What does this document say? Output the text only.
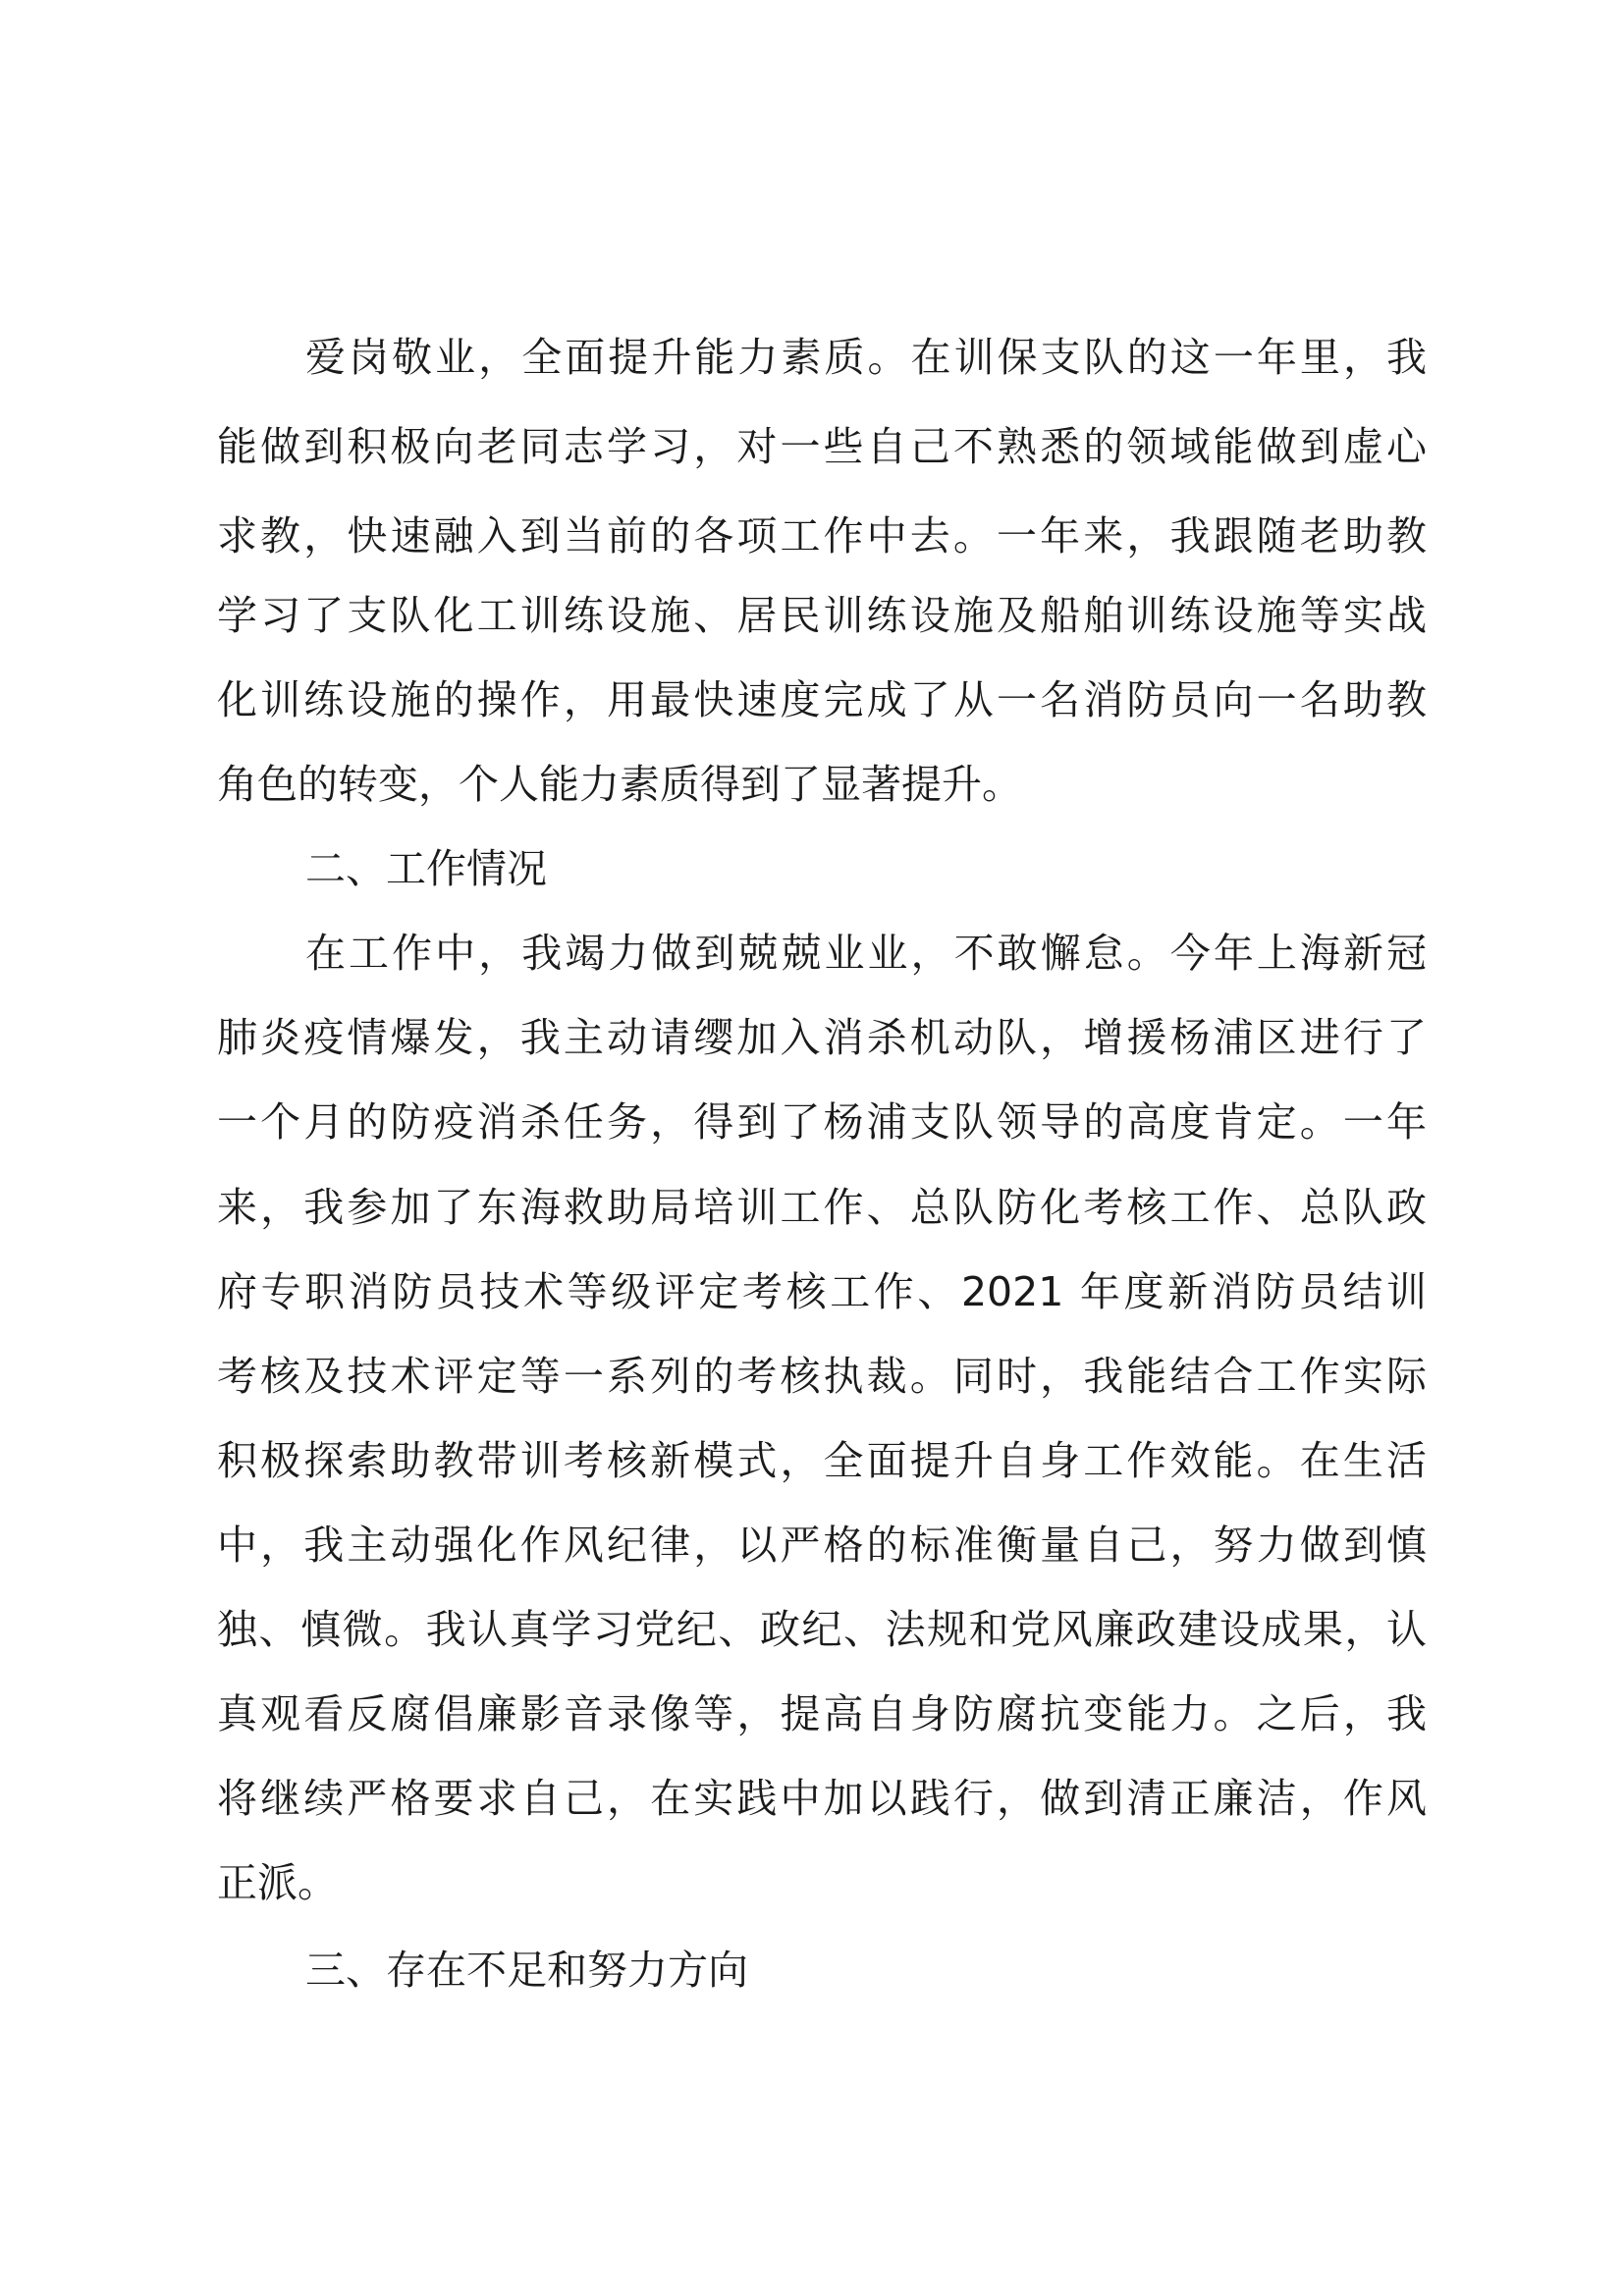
爱岗敬业，全面提升能力素质。在训保支队的这一年里，我
能做到积极向老同志学习，对一些自己不熟悉的领域能做到虚心
求教，快速融入到当前的各项工作中去。一年来，我跟随老助教
学习了支队化工训练设施、居民训练设施及船舶训练设施等实战
化训练设施的操作，用最快速度完成了从一名消防员向一名助教
角色的转变，个人能力素质得到了显著提升。
二、工作情况
在工作中，我竭力做到兢兢业业，不敢懈怠。今年上海新冠
肺炎疫情爆发，我主动请缨加入消杀机动队，增援杨浦区进行了
一个月的防疫消杀任务，得到了杨浦支队领导的高度肯定。一年
来，我参加了东海救助局培训工作、总队防化考核工作、总队政
府专职消防员技术等级评定考核工作、2021 年度新消防员结训
考核及技术评定等一系列的考核执裁。同时，我能结合工作实际
积极探索助教带训考核新模式，全面提升自身工作效能。在生活
中，我主动强化作风纪律，以严格的标准衡量自己，努力做到慎
独、慎微。我认真学习党纪、政纪、法规和党风廉政建设成果，认
真观看反腐倡廉影音录像等，提高自身防腐抗变能力。之后，我
将继续严格要求自己，在实践中加以践行，做到清正廉洁，作风
正派。
三、存在不足和努力方向
